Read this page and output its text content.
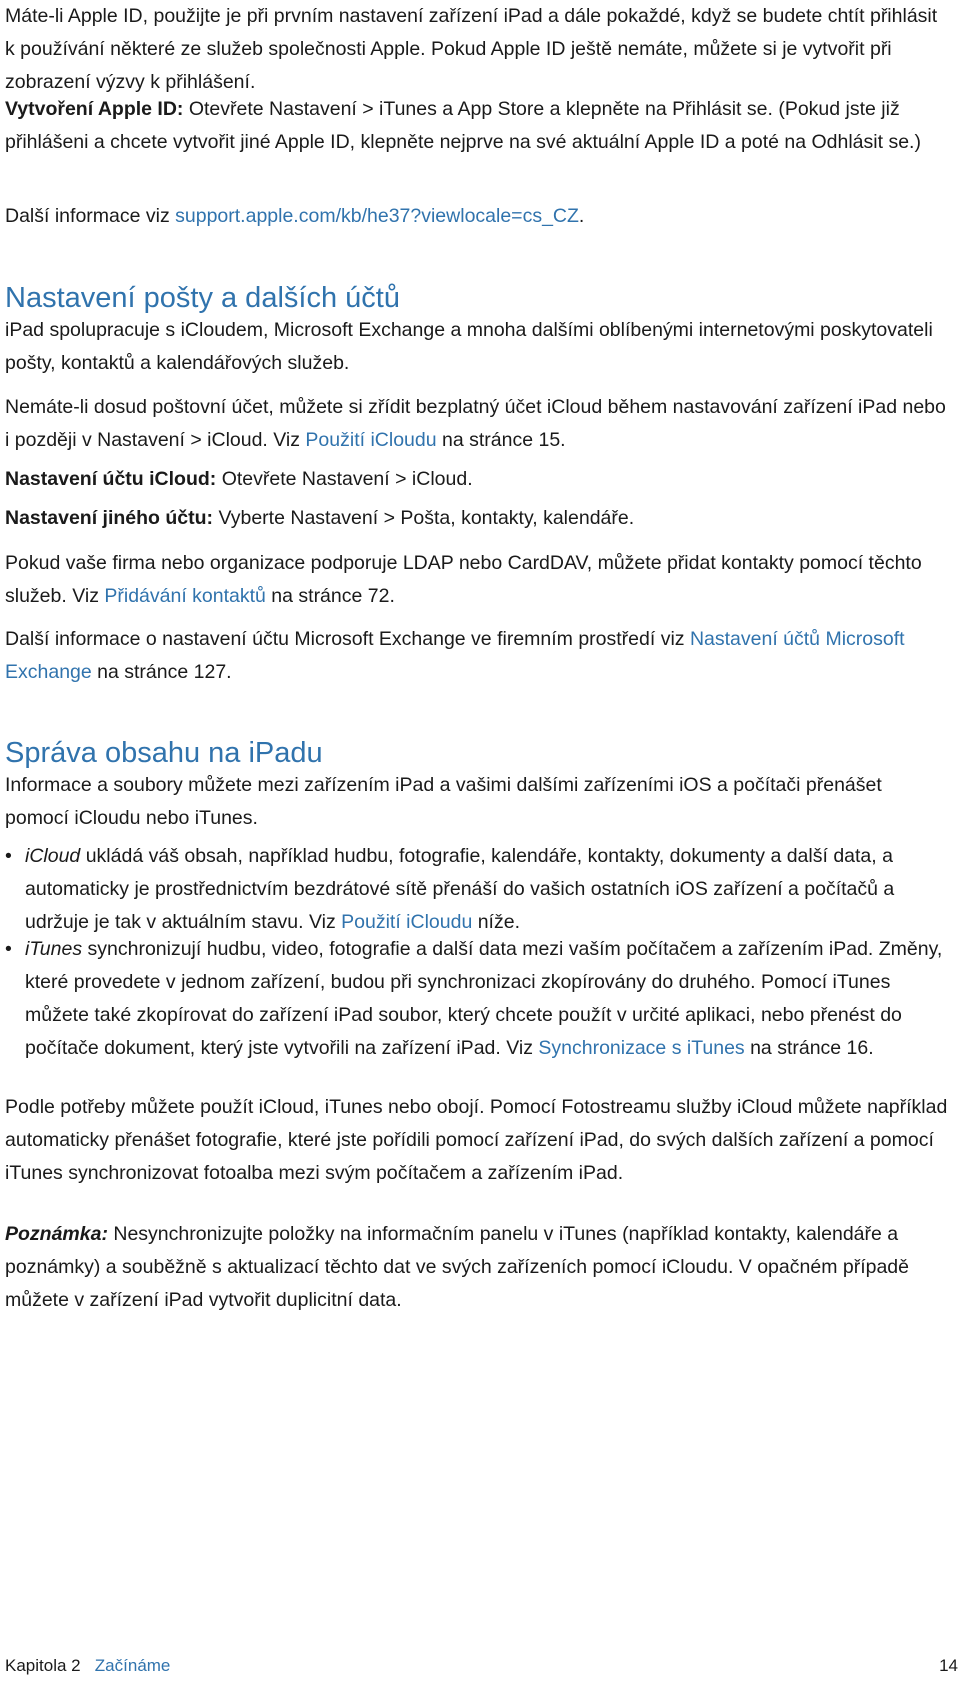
Máte-li Apple ID, použijte je při prvním nastavení zařízení iPad a dále pokaždé, když se budete chtít přihlásit k používání některé ze služeb společnosti Apple. Pokud Apple ID ještě nemáte, můžete si je vytvořit při zobrazení výzvy k přihlášení.

Vytvoření Apple ID: Otevřete Nastavení > iTunes a App Store a klepněte na Přihlásit se. (Pokud jste již přihlášeni a chcete vytvořit jiné Apple ID, klepněte nejprve na své aktuální Apple ID a poté na Odhlásit se.)

Další informace viz support.apple.com/kb/he37?viewlocale=cs_CZ.

Nastavení pošty a dalších účtů

iPad spolupracuje s iCloudem, Microsoft Exchange a mnoha dalšími oblíbenými internetovými poskytovateli pošty, kontaktů a kalendářových služeb.

Nemáte-li dosud poštovní účet, můžete si zřídit bezplatný účet iCloud během nastavování zařízení iPad nebo i později v Nastavení > iCloud. Viz Použití iCloudu na stránce 15.

Nastavení účtu iCloud: Otevřete Nastavení > iCloud.

Nastavení jiného účtu: Vyberte Nastavení > Pošta, kontakty, kalendáře.

Pokud vaše firma nebo organizace podporuje LDAP nebo CardDAV, můžete přidat kontakty pomocí těchto služeb. Viz Přidávání kontaktů na stránce 72.

Další informace o nastavení účtu Microsoft Exchange ve firemním prostředí viz Nastavení účtů Microsoft Exchange na stránce 127.

Správa obsahu na iPadu

Informace a soubory můžete mezi zařízením iPad a vašimi dalšími zařízeními iOS a počítači přenášet pomocí iCloudu nebo iTunes.

• iCloud ukládá váš obsah, například hudbu, fotografie, kalendáře, kontakty, dokumenty a další data, a automaticky je prostřednictvím bezdrátové sítě přenáší do vašich ostatních iOS zařízení a počítačů a udržuje je tak v aktuálním stavu. Viz Použití iCloudu níže.

• iTunes synchronizují hudbu, video, fotografie a další data mezi vaším počítačem a zařízením iPad. Změny, které provedete v jednom zařízení, budou při synchronizaci zkopírovány do druhého. Pomocí iTunes můžete také zkopírovat do zařízení iPad soubor, který chcete použít v určité aplikaci, nebo přenést do počítače dokument, který jste vytvořili na zařízení iPad. Viz Synchronizace s iTunes na stránce 16.

Podle potřeby můžete použít iCloud, iTunes nebo obojí. Pomocí Fotostreamu služby iCloud můžete například automaticky přenášet fotografie, které jste pořídili pomocí zařízení iPad, do svých dalších zařízení a pomocí iTunes synchronizovat fotoalba mezi svým počítačem a zařízením iPad.

Poznámka: Nesynchronizujte položky na informačním panelu v iTunes (například kontakty, kalendáře a poznámky) a souběžně s aktualizací těchto dat ve svých zařízeních pomocí iCloudu. V opačném případě můžete v zařízení iPad vytvořit duplicitní data.

Kapitola 2 Začínáme	14
